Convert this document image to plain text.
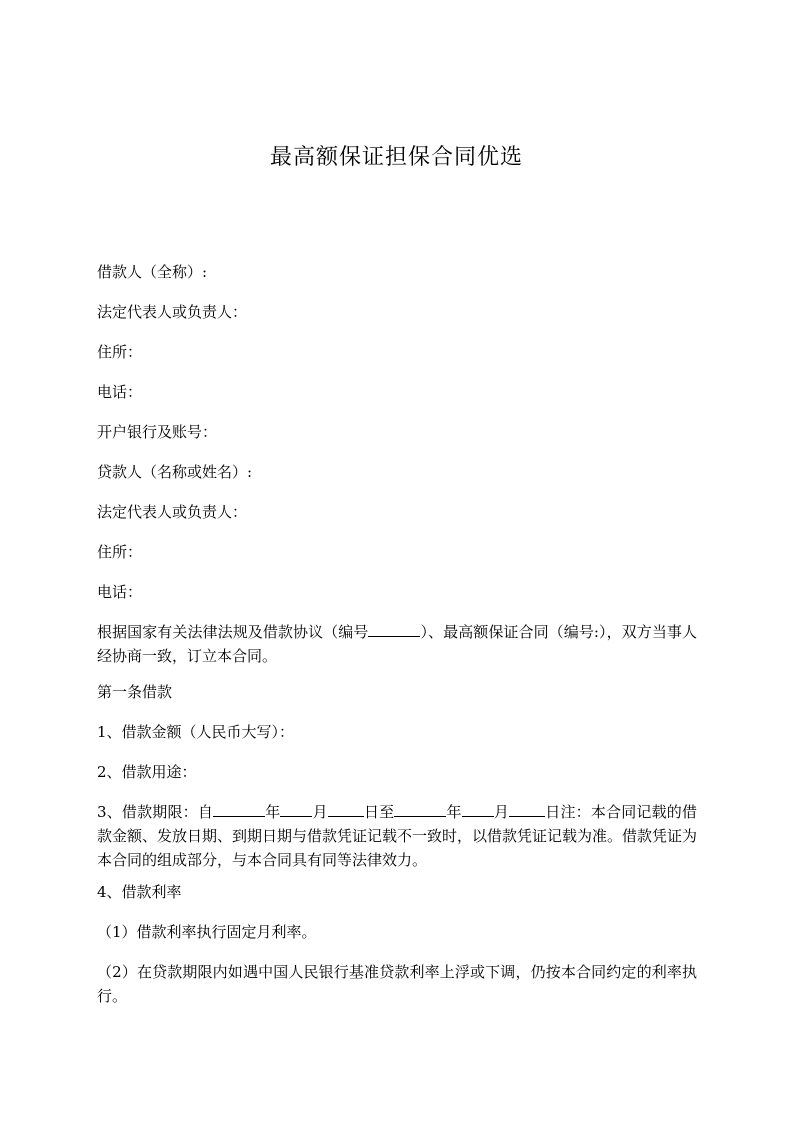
最高额保证担保合同优选
借款人（全称）:
法定代表人或负责人：
住所：
电话：
开户银行及账号：
贷款人（名称或姓名）:
法定代表人或负责人：
住所：
电话：
根据国家有关法律法规及借款协议（编号	）、最高额保证合同（编号:），双方当事人经协商一致，订立本合同。
第一条借款
1、借款金额（人民币大写）：
2、借款用途：
3、借款期限：自	年 月 日至	年 月 日注：本合同记载的借款金额、发放日期、到期日期与借款凭证记载不一致时，以借款凭证记载为准。借款凭证为本合同的组成部分，与本合同具有同等法律效力。
4、借款利率
（1）借款利率执行固定月利率。
（2）在贷款期限内如遇中国人民银行基准贷款利率上浮或下调，仍按本合同约定的利率执行。
